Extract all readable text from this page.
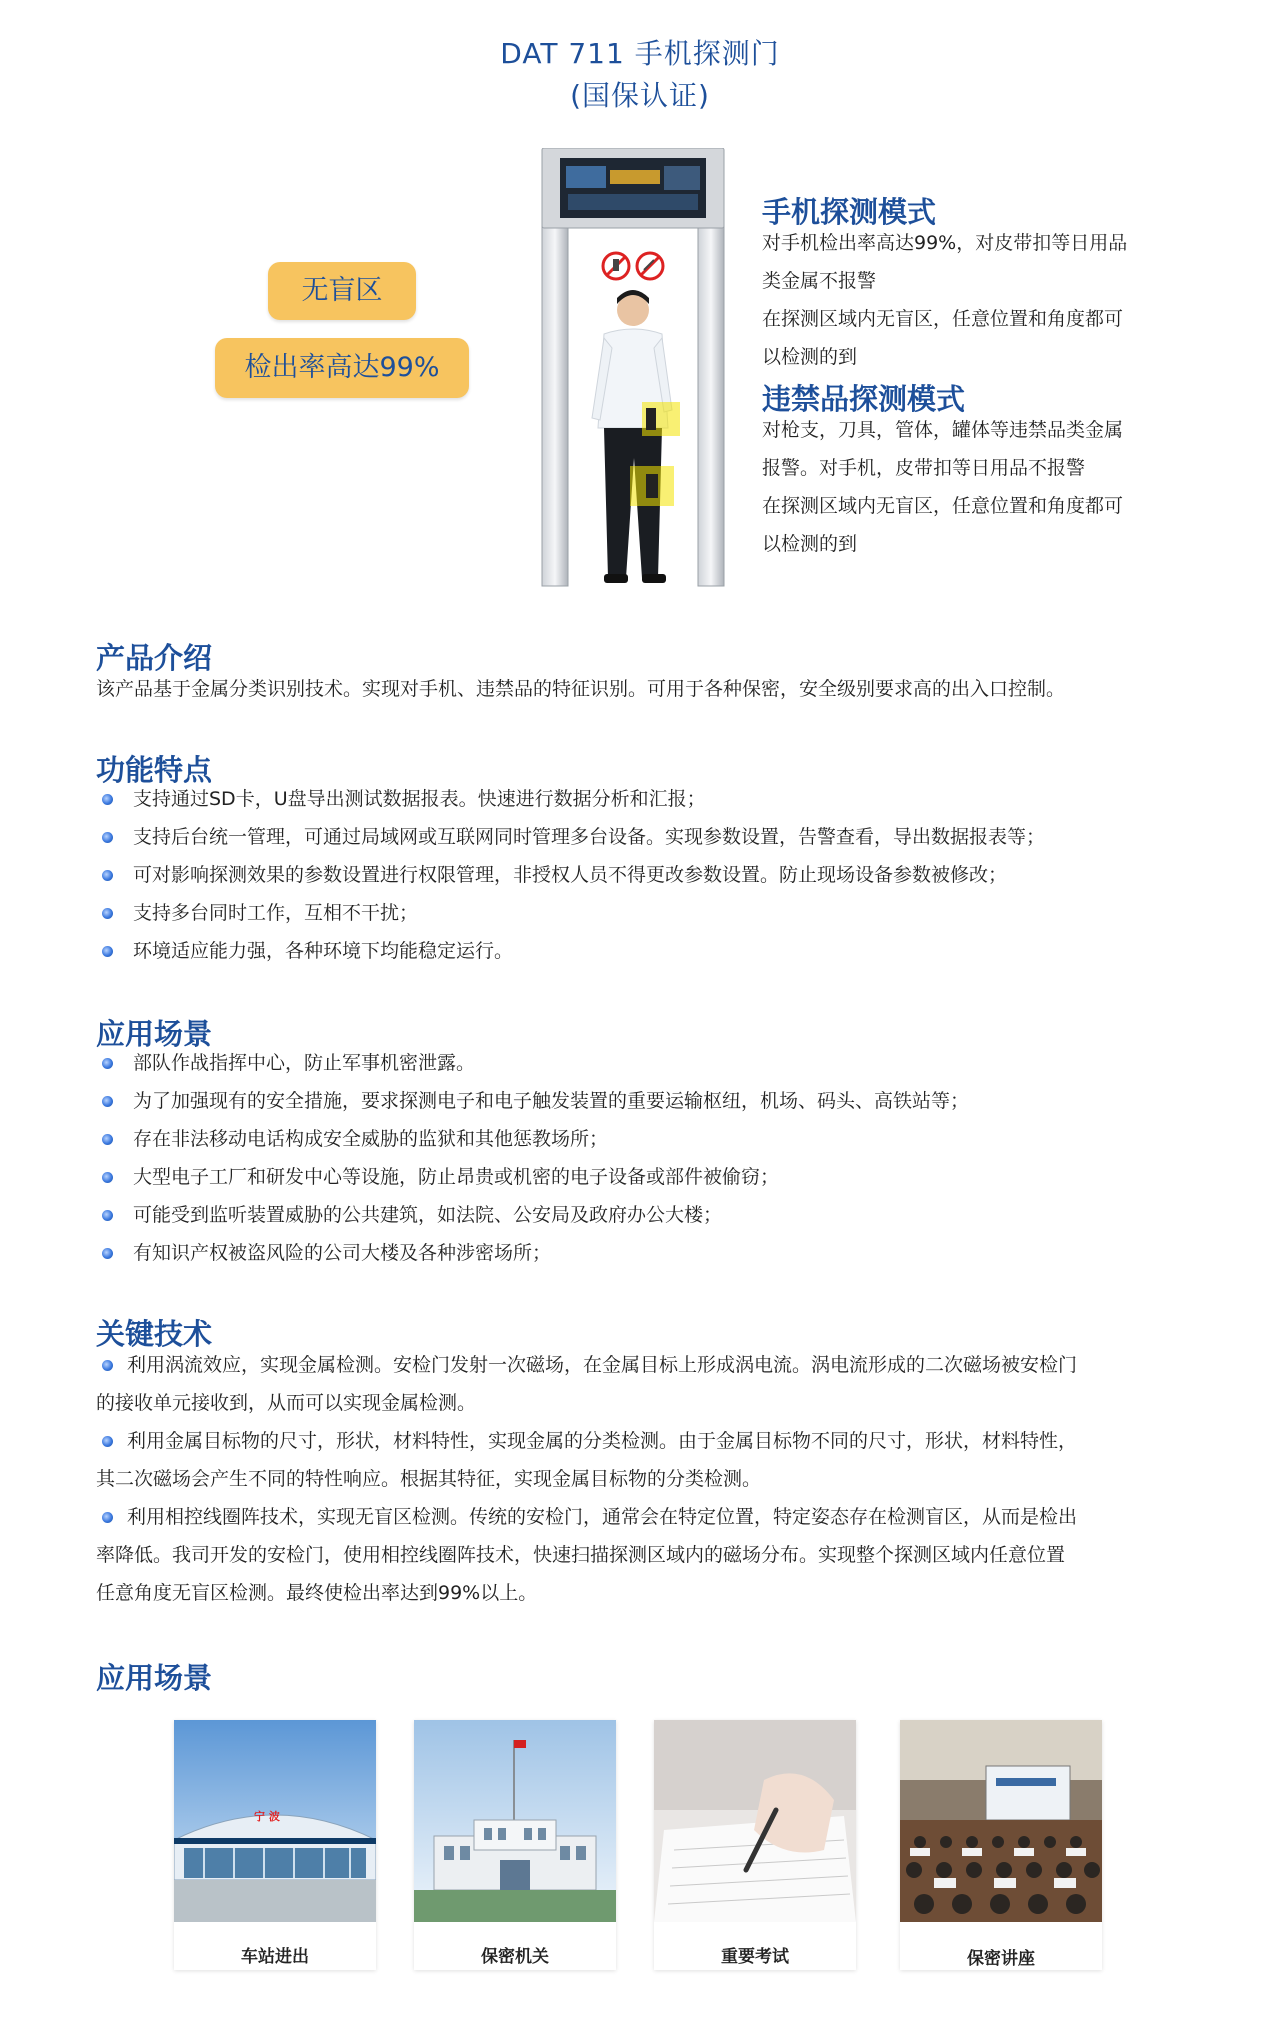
DAT 711 手机探测门
(国保认证)
无盲区
检出率高达99%
手机探测模式
对手机检出率高达99%，对皮带扣等日用品
类金属不报警
在探测区域内无盲区，任意位置和角度都可
以检测的到
违禁品探测模式
对枪支，刀具，管体，罐体等违禁品类金属
报警。对手机，皮带扣等日用品不报警
在探测区域内无盲区，任意位置和角度都可
以检测的到
产品介绍
该产品基于金属分类识别技术。实现对手机、违禁品的特征识别。可用于各种保密，安全级别要求高的出入口控制。
功能特点
支持通过SD卡，U盘导出测试数据报表。快速进行数据分析和汇报；
支持后台统一管理，可通过局域网或互联网同时管理多台设备。实现参数设置，告警查看，导出数据报表等；
可对影响探测效果的参数设置进行权限管理，非授权人员不得更改参数设置。防止现场设备参数被修改；
支持多台同时工作，互相不干扰；
环境适应能力强，各种环境下均能稳定运行。
应用场景
部队作战指挥中心，防止军事机密泄露。
为了加强现有的安全措施，要求探测电子和电子触发装置的重要运输枢纽，机场、码头、高铁站等；
存在非法移动电话构成安全威胁的监狱和其他惩教场所；
大型电子工厂和研发中心等设施，防止昂贵或机密的电子设备或部件被偷窃；
可能受到监听装置威胁的公共建筑，如法院、公安局及政府办公大楼；
有知识产权被盗风险的公司大楼及各种涉密场所；
关键技术

利用涡流效应，实现金属检测。安检门发射一次磁场，在金属目标上形成涡电流。涡电流形成的二次磁场被安检门

的接收单元接收到，从而可以实现金属检测。

利用金属目标物的尺寸，形状，材料特性，实现金属的分类检测。由于金属目标物不同的尺寸，形状，材料特性，

其二次磁场会产生不同的特性响应。根据其特征，实现金属目标物的分类检测。

利用相控线圈阵技术，实现无盲区检测。传统的安检门，通常会在特定位置，特定姿态存在检测盲区，从而是检出

率降低。我司开发的安检门，使用相控线圈阵技术，快速扫描探测区域内的磁场分布。实现整个探测区域内任意位置

任意角度无盲区检测。最终使检出率达到99%以上。

应用场景
宁 波
车站进出	保密机关	重要考试	保密讲座
